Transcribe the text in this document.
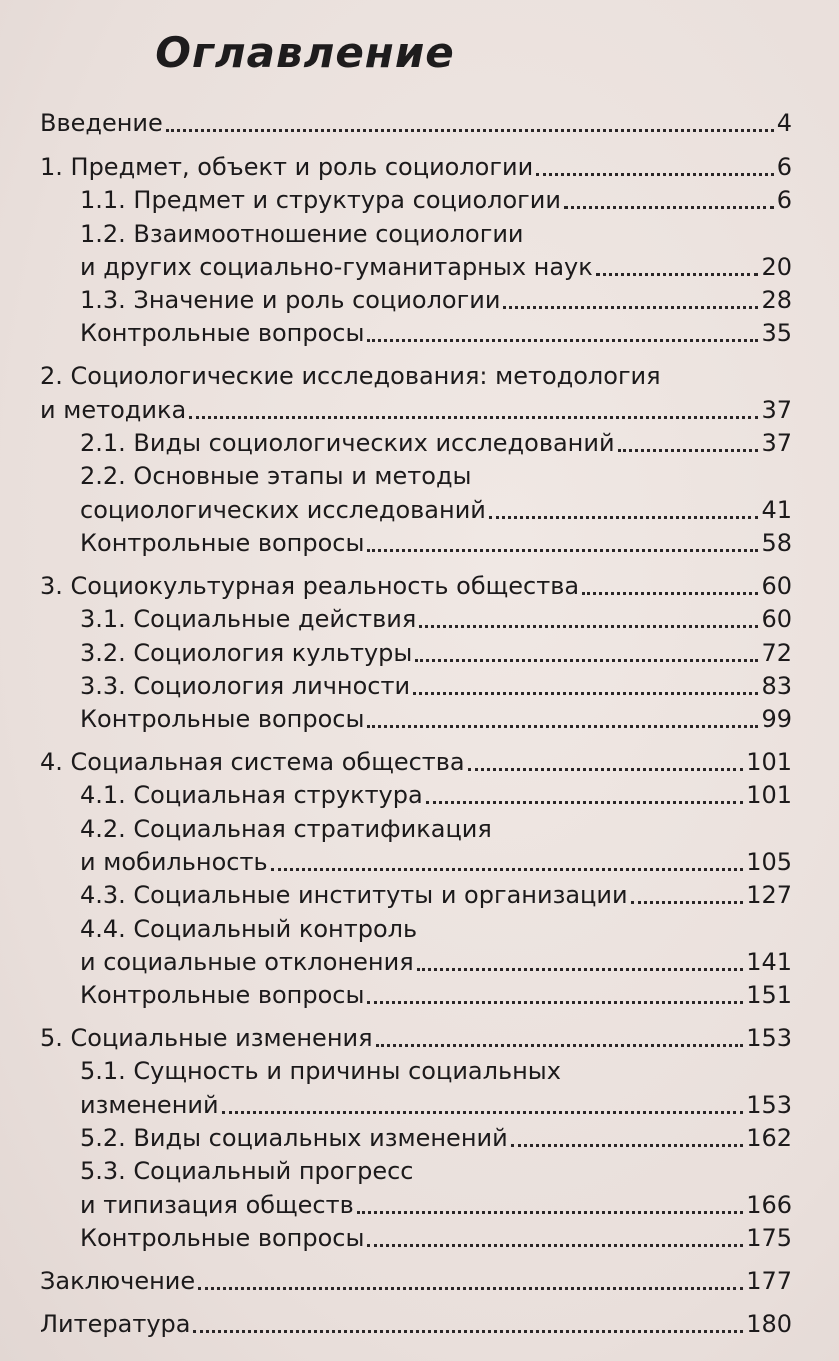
Оглавление
Введение	4
1. Предмет, объект и роль социологии	6
1.1. Предмет и структура социологии	6
1.2. Взаимоотношение социологии
и других социально-гуманитарных наук	20
1.3. Значение и роль социологии	28
Контрольные вопросы	35
2. Социологические исследования: методология
и методика	37
2.1. Виды социологических исследований	37
2.2. Основные этапы и методы
социологических исследований	41
Контрольные вопросы	58
3. Социокультурная реальность общества	60
3.1. Социальные действия	60
3.2. Социология культуры	72
3.3. Социология личности	83
Контрольные вопросы	99
4. Социальная система общества	101
4.1. Социальная структура	101
4.2. Социальная стратификация
и мобильность	105
4.3. Социальные институты и организации	127
4.4. Социальный контроль
и социальные отклонения	141
Контрольные вопросы	151
5. Социальные изменения	153
5.1. Сущность и причины социальных
изменений	153
5.2. Виды социальных изменений	162
5.3. Социальный прогресс
и типизация обществ	166
Контрольные вопросы	175
Заключение	177
Литература	180
